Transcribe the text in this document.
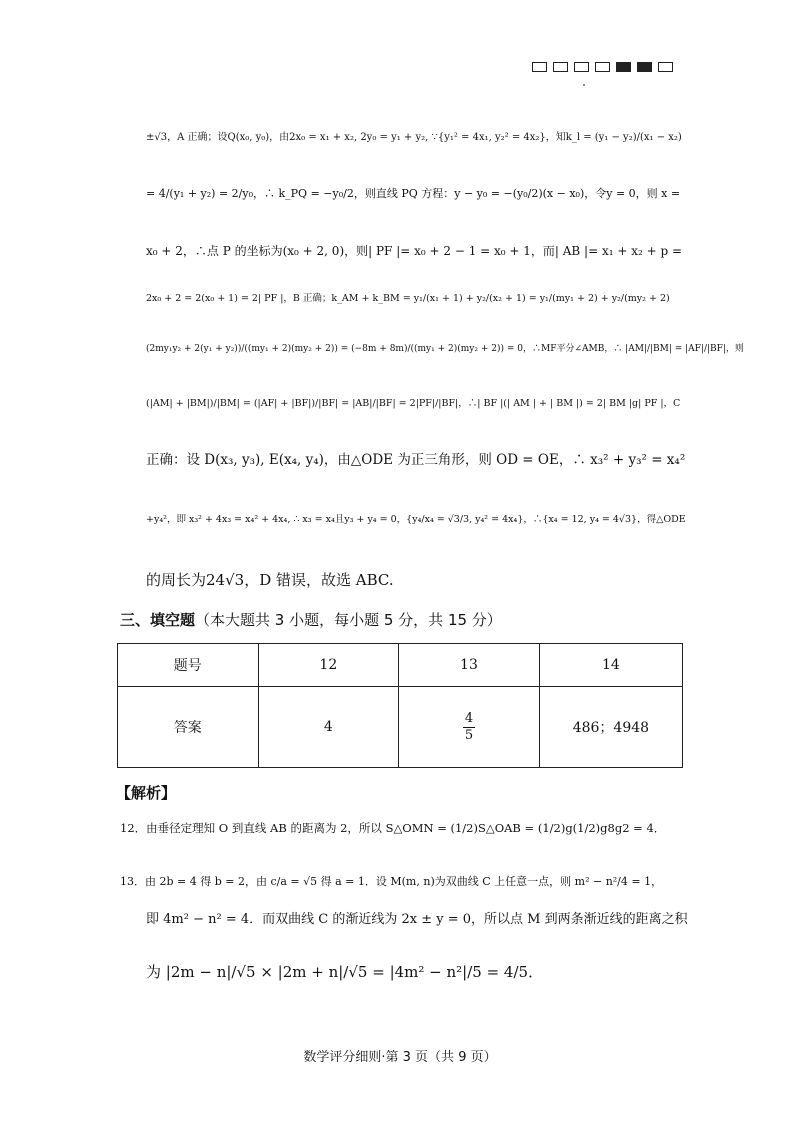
±√3，A 正确；设Q(x₀, y₀)，由2x₀ = x₁ + x₂, 2y₀ = y₁ + y₂, ∵{y₁² = 4x₁, y₂² = 4x₂}，知k_l = (y₁ − y₂)/(x₁ − x₂)
= 4/(y₁ + y₂) = 2/y₀，∴ k_PQ = −y₀/2，则直线 PQ 方程：y − y₀ = −(y₀/2)(x − x₀)，令y = 0，则 x =
x₀ + 2，∴点 P 的坐标为(x₀ + 2, 0)，则| PF |= x₀ + 2 − 1 = x₀ + 1，而| AB |= x₁ + x₂ + p =
2x₀ + 2 = 2(x₀ + 1) = 2| PF |，B 正确；k_AM + k_BM = y₁/(x₁ + 1) + y₂/(x₂ + 1) = y₁/(my₁ + 2) + y₂/(my₂ + 2)
(2my₁y₂ + 2(y₁ + y₂))/((my₁ + 2)(my₂ + 2)) = (−8m + 8m)/((my₁ + 2)(my₂ + 2)) = 0，∴MF平分∠AMB，∴ |AM|/|BM| = |AF|/|BF|，则
(|AM| + |BM|)/|BM| = (|AF| + |BF|)/|BF| = |AB|/|BF| = 2|PF|/|BF|，∴| BF |(| AM | + | BM |) = 2| BM |g| PF |，C
正确：设 D(x₃, y₃), E(x₄, y₄)，由△ODE 为正三角形，则 OD = OE，∴ x₃² + y₃² = x₄²
+y₄²，即 x₃² + 4x₃ = x₄² + 4x₄, ∴ x₃ = x₄且y₃ + y₄ = 0，{y₄/x₄ = √3/3, y₄² = 4x₄}，∴{x₄ = 12, y₄ = 4√3}，得△ODE
的周长为24√3，D 错误，故选 ABC.
三、填空题（本大题共 3 小题，每小题 5 分，共 15 分）
题号	12	13	14
答案	4	$\frac{4}{5}$	486；4948
【解析】
12．由垂径定理知 O 到直线 AB 的距离为 2，所以 S△OMN = (1/2)S△OAB = (1/2)g(1/2)g8g2 = 4．
13．由 2b = 4 得 b = 2，由 c/a = √5 得 a = 1．设 M(m, n)为双曲线 C 上任意一点，则 m² − n²/4 = 1，
即 4m² − n² = 4．而双曲线 C 的渐近线为 2x ± y = 0，所以点 M 到两条渐近线的距离之积
为 |2m − n|/√5 × |2m + n|/√5 = |4m² − n²|/5 = 4/5．
数学评分细则·第 3 页（共 9 页）
